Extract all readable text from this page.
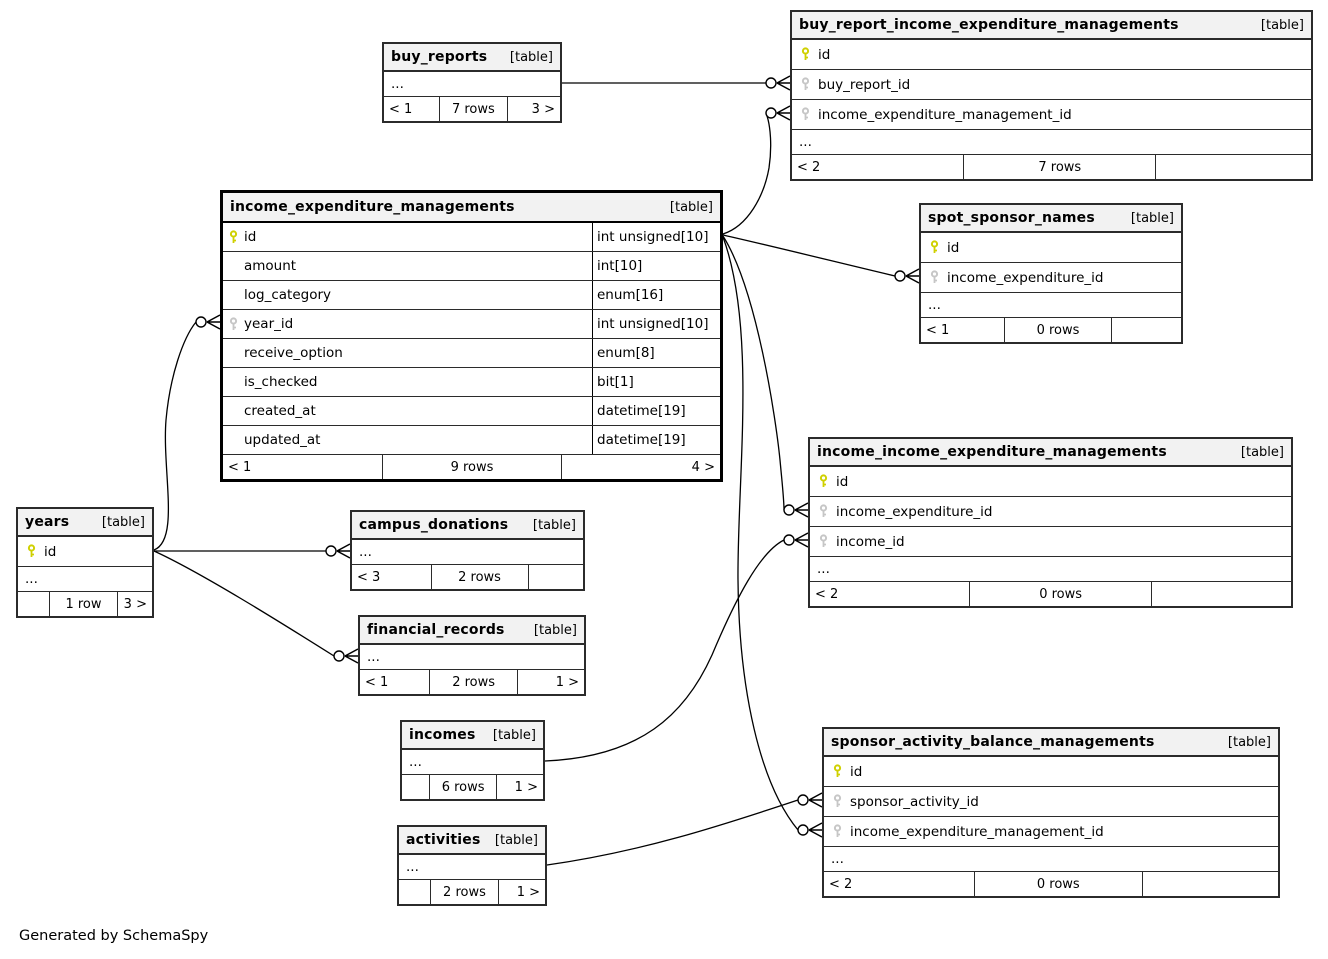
buy_reports [table]
...
< 1	7 rows	3 >
buy_report_income_expenditure_managements	[table]
id
buy_report_id
income_expenditure_management_id
...
< 2	7 rows
income_expenditure_managements	[table]
id	int unsigned[10]
amount	int[10]
log_category	enum[16]
year_id	int unsigned[10]
receive_option	enum[8]
is_checked	bit[1]
created_at	datetime[19]
updated_at	datetime[19]
< 1	9 rows	4 >
spot_sponsor_names	[table]
id
income_expenditure_id
...
< 1	0 rows
income_income_expenditure_managements	[table]
id
income_expenditure_id
income_id
...
< 2	0 rows
years	[table]
id
...
1 row	3 >
campus_donations [table]
...
< 3	2 rows
financial_records [table]
...
< 1	2 rows	1 >
incomes [table]
...
6 rows	1 >
activities [table]
...
2 rows	1 >
sponsor_activity_balance_managements	[table]
id
sponsor_activity_id
income_expenditure_management_id
...
< 2	0 rows
Generated by SchemaSpy
